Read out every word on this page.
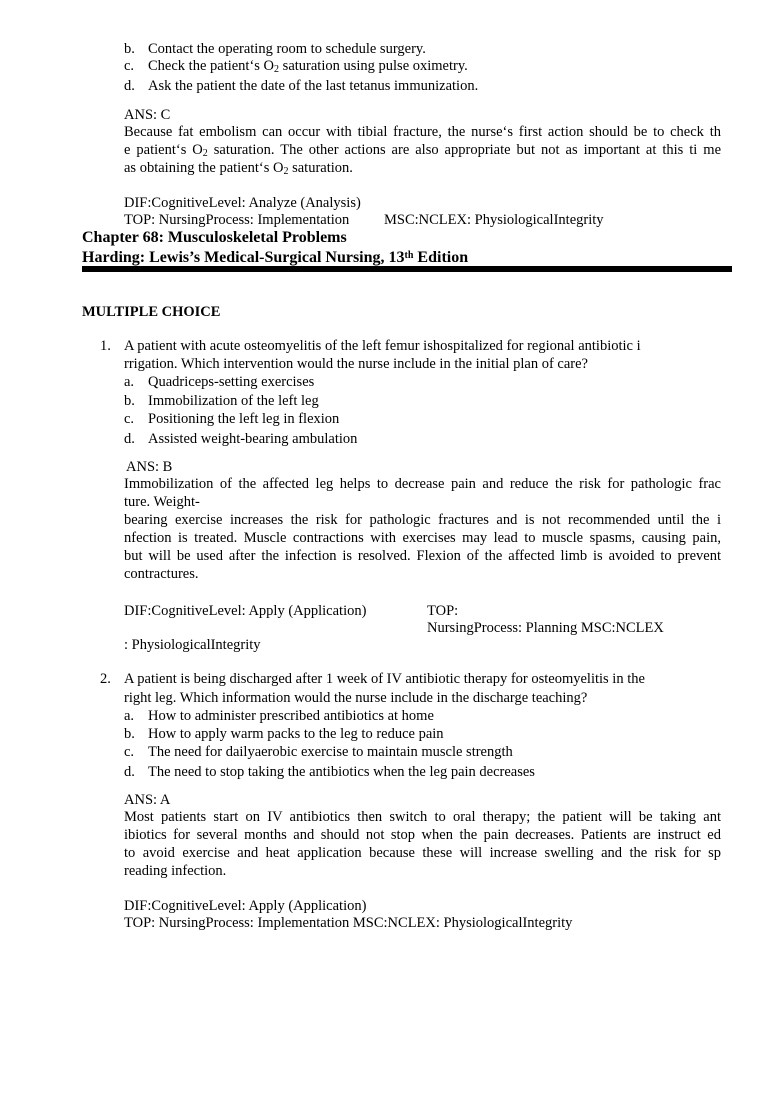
b. Contact the operating room to schedule surgery.
c. Check the patient‘s $O_2$ saturation using pulse oximetry.
d. Ask the patient the date of the last tetanus immunization.
ANS: C
Because fat embolism can occur with tibial fracture, the nurse‘s first action should be to check th
e patient‘s $O_2$ saturation. The other actions are also appropriate but not as important at this ti me
as obtaining the patient‘s $O_2$ saturation.
DIF:CognitiveLevel: Analyze (Analysis)
TOP: NursingProcess: Implementation MSC:NCLEX: PhysiologicalIntegrity
Chapter 68: Musculoskeletal Problems
Harding: Lewis’s Medical-Surgical Nursing, 13th Edition
MULTIPLE CHOICE
1. A patient with acute osteomyelitis of the left femur ishospitalized for regional antibiotic i
rrigation. Which intervention would the nurse include in the initial plan of care?
a. Quadriceps-setting exercises
b. Immobilization of the left leg
c. Positioning the left leg in flexion
d. Assisted weight-bearing ambulation
ANS: B
Immobilization of the affected leg helps to decrease pain and reduce the risk for pathologic frac
ture. Weight-
bearing exercise increases the risk for pathologic fractures and is not recommended until the i
nfection is treated. Muscle contractions with exercises may lead to muscle spasms, causing pain,
but will be used after the infection is resolved. Flexion of the affected limb is avoided to prevent
contractures.
DIF:CognitiveLevel: Apply (Application)	TOP:
NursingProcess: Planning MSC:NCLEX
: PhysiologicalIntegrity
2. A patient is being discharged after 1 week of IV antibiotic therapy for osteomyelitis in the
right leg. Which information would the nurse include in the discharge teaching?
a. How to administer prescribed antibiotics at home
b. How to apply warm packs to the leg to reduce pain
c. The need for dailyaerobic exercise to maintain muscle strength
d. The need to stop taking the antibiotics when the leg pain decreases
ANS: A
Most patients start on IV antibiotics then switch to oral therapy; the patient will be taking ant
ibiotics for several months and should not stop when the pain decreases. Patients are instruct ed
to avoid exercise and heat application because these will increase swelling and the risk for sp
reading infection.
DIF:CognitiveLevel: Apply (Application)
TOP: NursingProcess: Implementation MSC:NCLEX: PhysiologicalIntegrity
